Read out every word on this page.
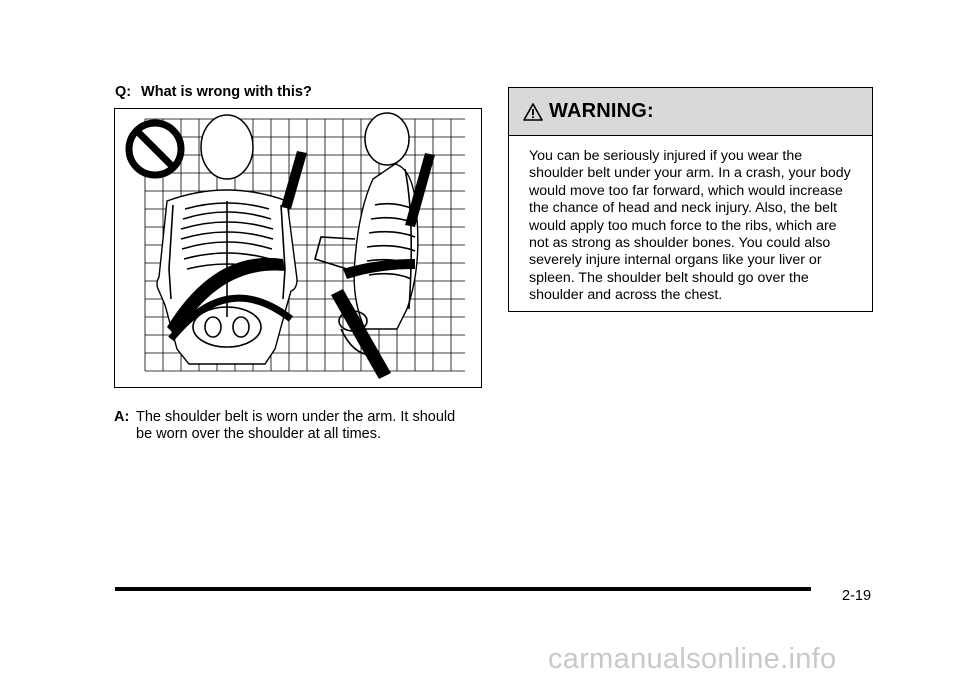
Q: What is wrong with this?
A: The shoulder belt is worn under the arm. It should be worn over the shoulder at all times.
WARNING:
You can be seriously injured if you wear the shoulder belt under your arm. In a crash, your body would move too far forward, which would increase the chance of head and neck injury. Also, the belt would apply too much force to the ribs, which are not as strong as shoulder bones. You could also severely injure internal organs like your liver or spleen. The shoulder belt should go over the shoulder and across the chest.
2-19
carmanualsonline.info
